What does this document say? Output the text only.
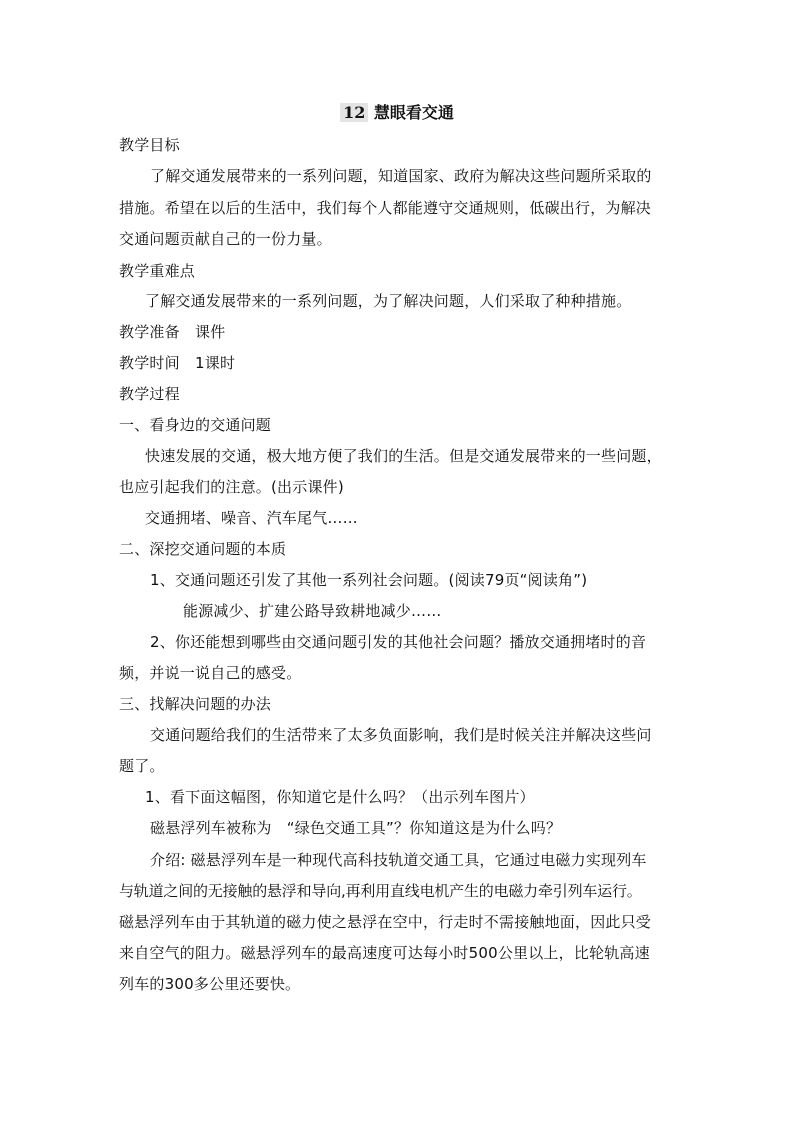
12 慧眼看交通
教学目标
了解交通发展带来的一系列问题，知道国家、政府为解决这些问题所采取的
措施。希望在以后的生活中，我们每个人都能遵守交通规则，低碳出行，为解决
交通问题贡献自己的一份力量。
教学重难点
了解交通发展带来的一系列问题，为了解决问题，人们采取了种种措施。
教学准备　课件
教学时间　1课时
教学过程
一、看身边的交通问题
快速发展的交通，极大地方便了我们的生活。但是交通发展带来的一些问题，
也应引起我们的注意。(出示课件)
交通拥堵、噪音、汽车尾气……
二、深挖交通问题的本质
1、交通问题还引发了其他一系列社会问题。(阅读79页“阅读角”)
能源减少、扩建公路导致耕地减少……
2、你还能想到哪些由交通问题引发的其他社会问题？播放交通拥堵时的音
频，并说一说自己的感受。
三、找解决问题的办法
交通问题给我们的生活带来了太多负面影响，我们是时候关注并解决这些问
题了。
1、看下面这幅图，你知道它是什么吗？（出示列车图片）
磁悬浮列车被称为　“绿色交通工具”？你知道这是为什么吗？
介绍: 磁悬浮列车是一种现代高科技轨道交通工具，它通过电磁力实现列车
与轨道之间的无接触的悬浮和导向,再利用直线电机产生的电磁力牵引列车运行。
磁悬浮列车由于其轨道的磁力使之悬浮在空中，行走时不需接触地面，因此只受
来自空气的阻力。磁悬浮列车的最高速度可达每小时500公里以上，比轮轨高速
列车的300多公里还要快。
